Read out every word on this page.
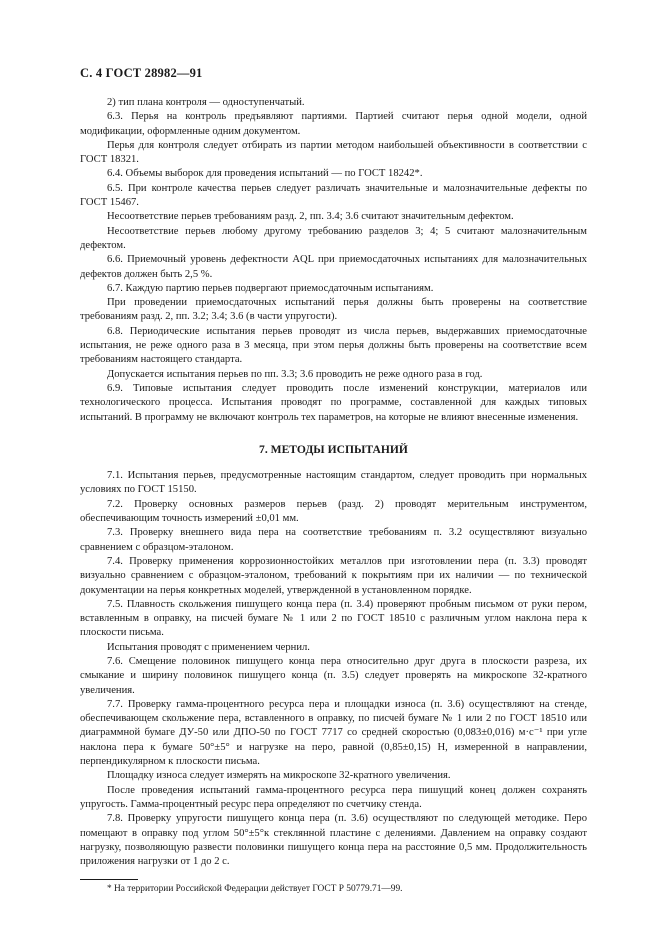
С. 4 ГОСТ 28982—91

2) тип плана контроля — одноступенчатый.

6.3. Перья на контроль предъявляют партиями. Партией считают перья одной модели, одной модификации, оформленные одним документом.

Перья для контроля следует отбирать из партии методом наибольшей объективности в соответствии с ГОСТ 18321.

6.4. Объемы выборок для проведения испытаний — по ГОСТ 18242*.

6.5. При контроле качества перьев следует различать значительные и малозначительные дефекты по ГОСТ 15467.

Несоответствие перьев требованиям разд. 2, пп. 3.4; 3.6 считают значительным дефектом.

Несоответствие перьев любому другому требованию разделов 3; 4; 5 считают малозначительным дефектом.

6.6. Приемочный уровень дефектности AQL при приемосдаточных испытаниях для малозначительных дефектов должен быть 2,5 %.

6.7. Каждую партию перьев подвергают приемосдаточным испытаниям.

При проведении приемосдаточных испытаний перья должны быть проверены на соответствие требованиям разд. 2, пп. 3.2; 3.4; 3.6 (в части упругости).

6.8. Периодические испытания перьев проводят из числа перьев, выдержавших приемосдаточные испытания, не реже одного раза в 3 месяца, при этом перья должны быть проверены на соответствие всем требованиям настоящего стандарта.

Допускается испытания перьев по пп. 3.3; 3.6 проводить не реже одного раза в год.

6.9. Типовые испытания следует проводить после изменений конструкции, материалов или технологического процесса. Испытания проводят по программе, составленной для каждых типовых испытаний. В программу не включают контроль тех параметров, на которые не влияют внесенные изменения.

7. МЕТОДЫ ИСПЫТАНИЙ

7.1. Испытания перьев, предусмотренные настоящим стандартом, следует проводить при нормальных условиях по ГОСТ 15150.

7.2. Проверку основных размеров перьев (разд. 2) проводят мерительным инструментом, обеспечивающим точность измерений ±0,01 мм.

7.3. Проверку внешнего вида пера на соответствие требованиям п. 3.2 осуществляют визуально сравнением с образцом-эталоном.

7.4. Проверку применения коррозионностойких металлов при изготовлении пера (п. 3.3) проводят визуально сравнением с образцом-эталоном, требований к покрытиям при их наличии — по технической документации на перья конкретных моделей, утвержденной в установленном порядке.

7.5. Плавность скольжения пишущего конца пера (п. 3.4) проверяют пробным письмом от руки пером, вставленным в оправку, на писчей бумаге № 1 или 2 по ГОСТ 18510 с различным углом наклона пера к плоскости письма.

Испытания проводят с применением чернил.

7.6. Смещение половинок пишущего конца пера относительно друг друга в плоскости разреза, их смыкание и ширину половинок пишущего конца (п. 3.5) следует проверять на микроскопе 32-кратного увеличения.

7.7. Проверку гамма-процентного ресурса пера и площадки износа (п. 3.6) осуществляют на стенде, обеспечивающем скольжение пера, вставленного в оправку, по писчей бумаге № 1 или 2 по ГОСТ 18510 или диаграммной бумаге ДУ-50 или ДПО-50 по ГОСТ 7717 со средней скоростью (0,083±0,016) м·с⁻¹ при угле наклона пера к бумаге 50°±5° и нагрузке на перо, равной (0,85±0,15) Н, измеренной в направлении, перпендикулярном к плоскости письма.

Площадку износа следует измерять на микроскопе 32-кратного увеличения.

После проведения испытаний гамма-процентного ресурса пера пишущий конец должен сохранять упругость. Гамма-процентный ресурс пера определяют по счетчику стенда.

7.8. Проверку упругости пишущего конца пера (п. 3.6) осуществляют по следующей методике. Перо помещают в оправку под углом 50°±5°к стеклянной пластине с делениями. Давлением на оправку создают нагрузку, позволяющую развести половинки пишущего конца пера на расстояние 0,5 мм. Продолжительность приложения нагрузки от 1 до 2 с.

* На территории Российской Федерации действует ГОСТ Р 50779.71—99.
